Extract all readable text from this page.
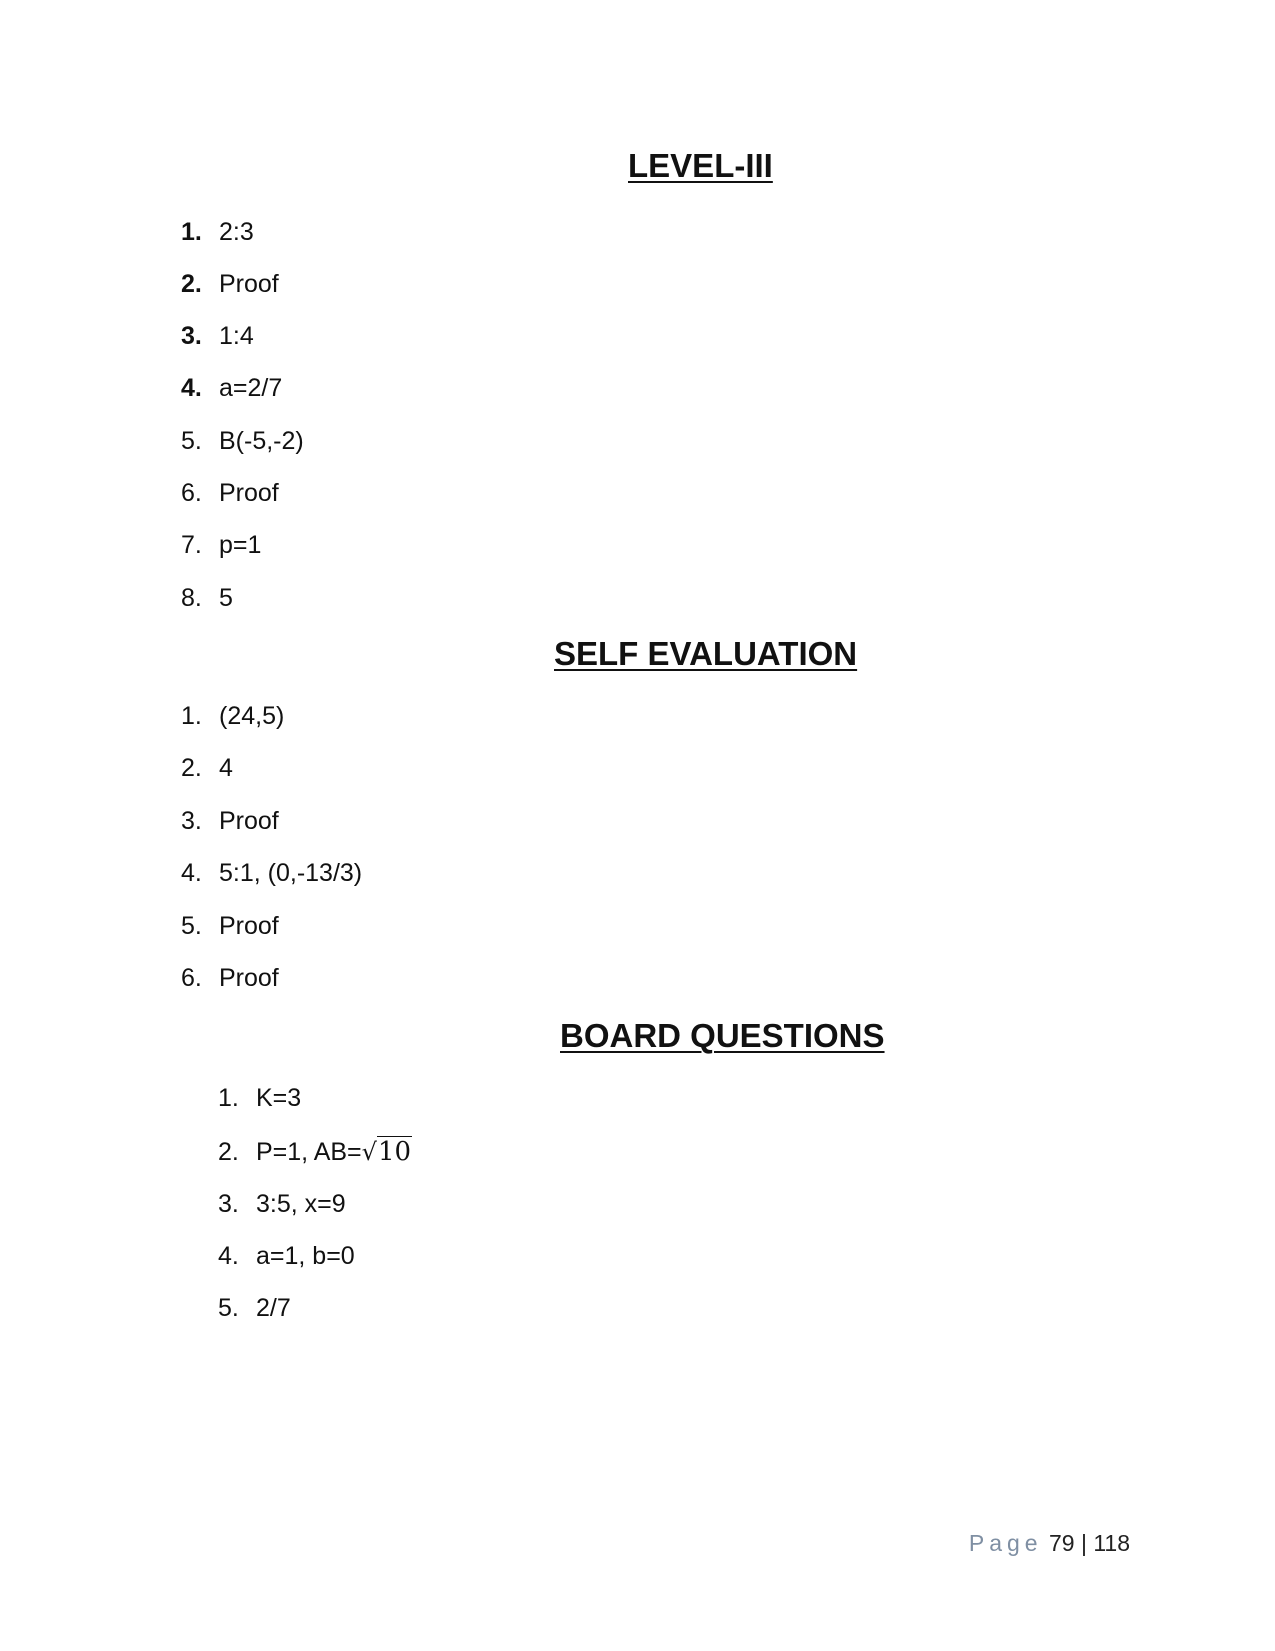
LEVEL-III
1. 2:3
2. Proof
3. 1:4
4. a=2/7
5. B(-5,-2)
6. Proof
7. p=1
8. 5
SELF EVALUATION
1. (24,5)
2. 4
3. Proof
4. 5:1, (0,-13/3)
5. Proof
6. Proof
BOARD QUESTIONS
1. K=3
2. P=1, AB=√10
3. 3:5, x=9
4. a=1, b=0
5. 2/7
Page 79 | 118
